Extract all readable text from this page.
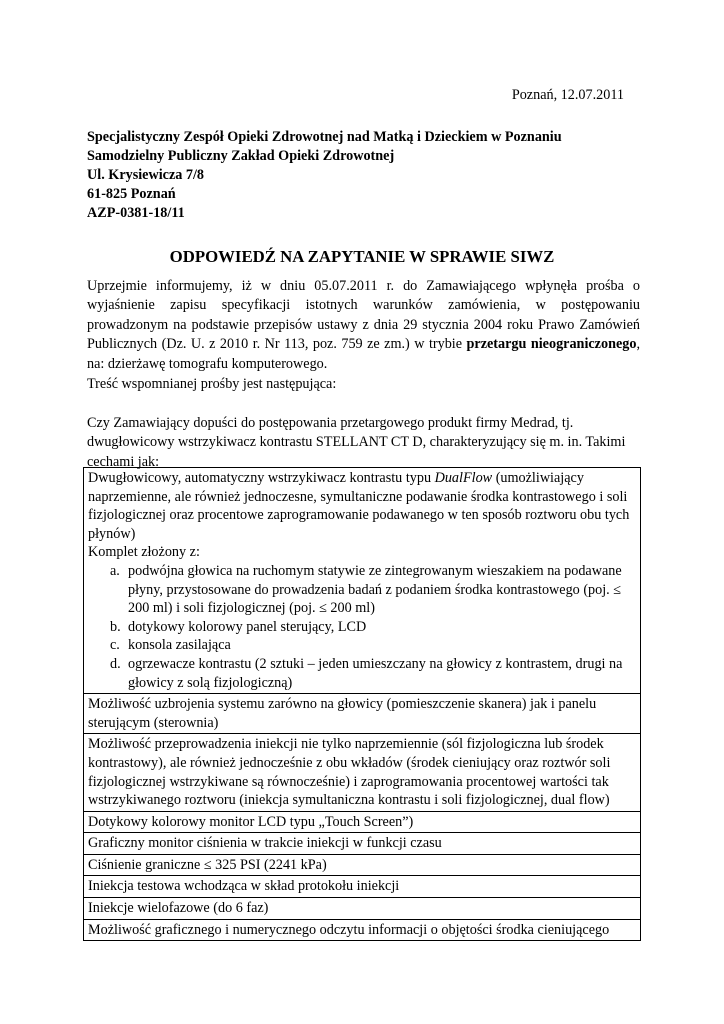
Poznań, 12.07.2011
Specjalistyczny Zespół Opieki Zdrowotnej nad Matką i Dzieckiem w Poznaniu
Samodzielny Publiczny Zakład Opieki Zdrowotnej
Ul. Krysiewicza 7/8
61-825 Poznań
AZP-0381-18/11
ODPOWIEDŹ NA ZAPYTANIE W SPRAWIE SIWZ

Uprzejmie informujemy, iż w dniu 05.07.2011 r. do Zamawiającego wpłynęła prośba o wyjaśnienie zapisu specyfikacji istotnych warunków zamówienia, w postępowaniu prowadzonym na podstawie przepisów ustawy z dnia 29 stycznia 2004 roku Prawo Zamówień Publicznych (Dz. U. z 2010 r. Nr 113, poz. 759 ze zm.) w trybie przetargu nieograniczonego, na: dzierżawę tomografu komputerowego.

Treść wspomnianej prośby jest następująca:
Czy Zamawiający dopuści do postępowania przetargowego produkt firmy Medrad, tj. dwugłowicowy wstrzykiwacz kontrastu STELLANT CT D, charakteryzujący się m. in. Takimi cechami jak:
Dwugłowicowy, automatyczny wstrzykiwacz kontrastu typu DualFlow (umożliwiający naprzemienne, ale również jednoczesne, symultaniczne podawanie środka kontrastowego i soli fizjologicznej oraz procentowe zaprogramowanie podawanego w ten sposób roztworu obu tych płynów)
Komplet złożony z:
a. podwójna głowica na ruchomym statywie ze zintegrowanym wieszakiem na podawane płyny, przystosowane do prowadzenia badań z podaniem środka kontrastowego (poj. ≤ 200 ml) i soli fizjologicznej (poj. ≤ 200 ml)
b. dotykowy kolorowy panel sterujący, LCD
c. konsola zasilająca
d. ogrzewacze kontrastu (2 sztuki – jeden umieszczany na głowicy z kontrastem, drugi na głowicy z solą fizjologiczną)

Możliwość uzbrojenia systemu zarówno na głowicy (pomieszczenie skanera) jak i panelu sterującym (sterownia)
Możliwość przeprowadzenia iniekcji nie tylko naprzemiennie (sól fizjologiczna lub środek kontrastowy), ale również jednocześnie z obu wkładów (środek cieniujący oraz roztwór soli fizjologicznej wstrzykiwane są równocześnie) i zaprogramowania procentowej wartości tak wstrzykiwanego roztworu (iniekcja symultaniczna kontrastu i soli fizjologicznej, dual flow)
Dotykowy kolorowy monitor LCD typu „Touch Screen”)
Graficzny monitor ciśnienia w trakcie iniekcji w funkcji czasu
Ciśnienie graniczne ≤ 325 PSI (2241 kPa)
Iniekcja testowa wchodząca w skład protokołu iniekcji
Iniekcje wielofazowe (do 6 faz)
Możliwość graficznego i numerycznego odczytu informacji o objętości środka cieniującego
